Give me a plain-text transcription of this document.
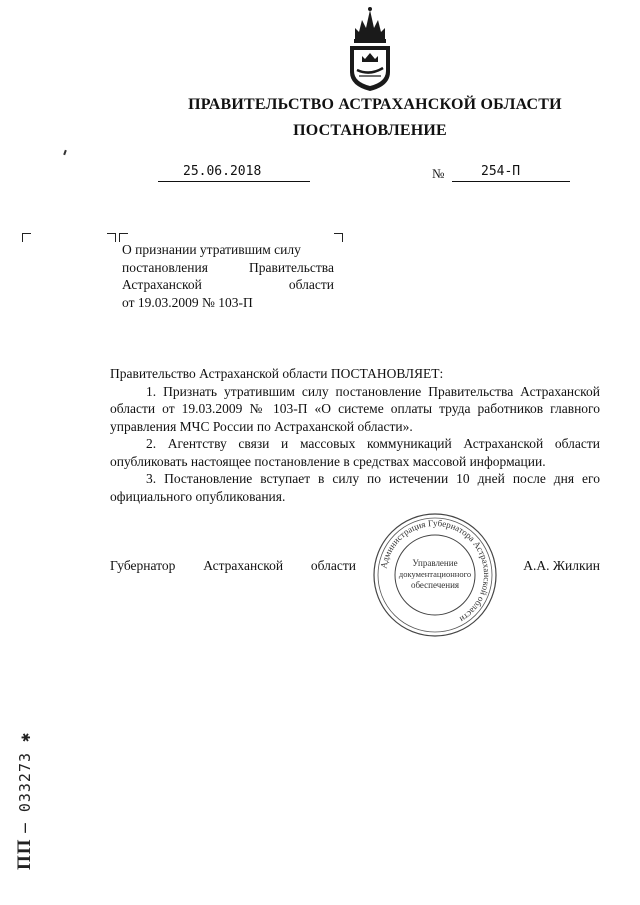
ПРАВИТЕЛЬСТВО АСТРАХАНСКОЙ ОБЛАСТИ
ПОСТАНОВЛЕНИЕ
25.06.2018	№	254-П
О признании утратившим силу
постановления Правительства
Астраханской области
от 19.03.2009 № 103-П

Правительство Астраханской области ПОСТАНОВЛЯЕТ:

1. Признать утратившим силу постановление Правительства Астраханской области от 19.03.2009 № 103-П «О системе оплаты труда работников главного управления МЧС России по Астраханской области».

2. Агентству связи и массовых коммуникаций Астраханской области опубликовать настоящее постановление в средствах массовой информации.

3. Постановление вступает в силу по истечении 10 дней после дня его официального опубликования.

Губернатор Астраханской области	А.А. Жилкин
Администрация Губернатора Астраханской области
Управление
документационного
обеспечения
ПП – 033273 ✱
